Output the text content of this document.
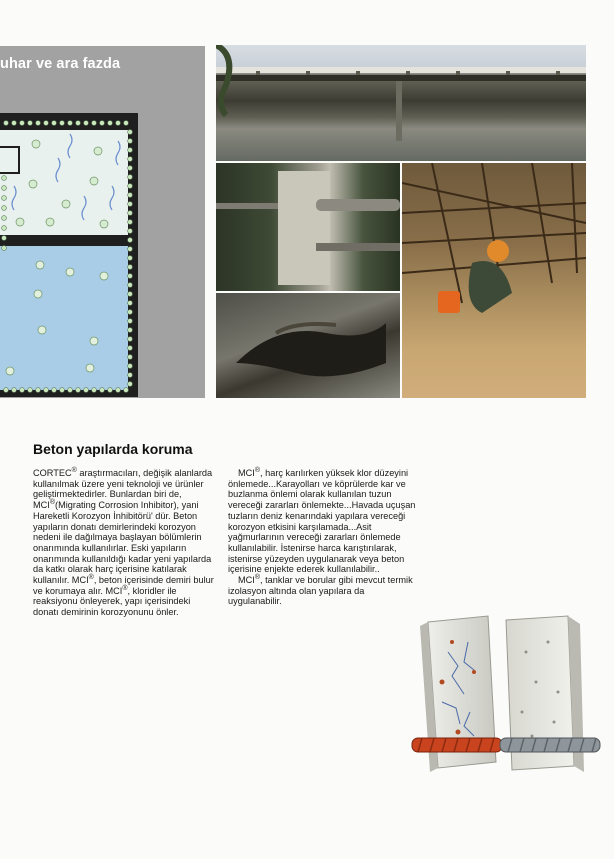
uhar ve ara fazda
Beton yapılarda koruma

CORTEC® araştırmacıları, değişik alanlarda kullanılmak üzere yeni teknoloji ve ürünler geliştirmektedirler. Bunlardan biri de, MCI®(Migrating Corrosion Inhibitor), yani Hareketli Korozyon İnhibitörü' dür. Beton yapıların donatı demirlerindeki korozyon nedeni ile dağılmaya başlayan bölümlerin onarımında kullanılırlar. Eski yapıların onarımında kullanıldığı kadar yeni yapılarda da katkı olarak harç içerisine katılarak kullanılır. MCI®, beton içerisinde demiri bulur ve korumaya alır. MCI®, kloridler ile reaksiyonu önleyerek, yapı içerisindeki donatı demirinin korozyonunu önler.

MCI®, harç karılırken yüksek klor düzeyini önlemede...Karayolları ve köprülerde kar ve buzlanma önlemi olarak kullanılan tuzun vereceği zararları önlemekte...Havada uçuşan tuzların deniz kenarındaki yapılara vereceği korozyon etkisini karşılamada...Asit yağmurlarının vereceği zararları önlemede kullanılabilir. İstenirse harca karıştırılarak, istenirse yüzeyden uygulanarak veya beton içerisine enjekte ederek kullanılabilir..

MCI®, tanklar ve borular gibi mevcut termik izolasyon altında olan yapılara da uygulanabilir.
